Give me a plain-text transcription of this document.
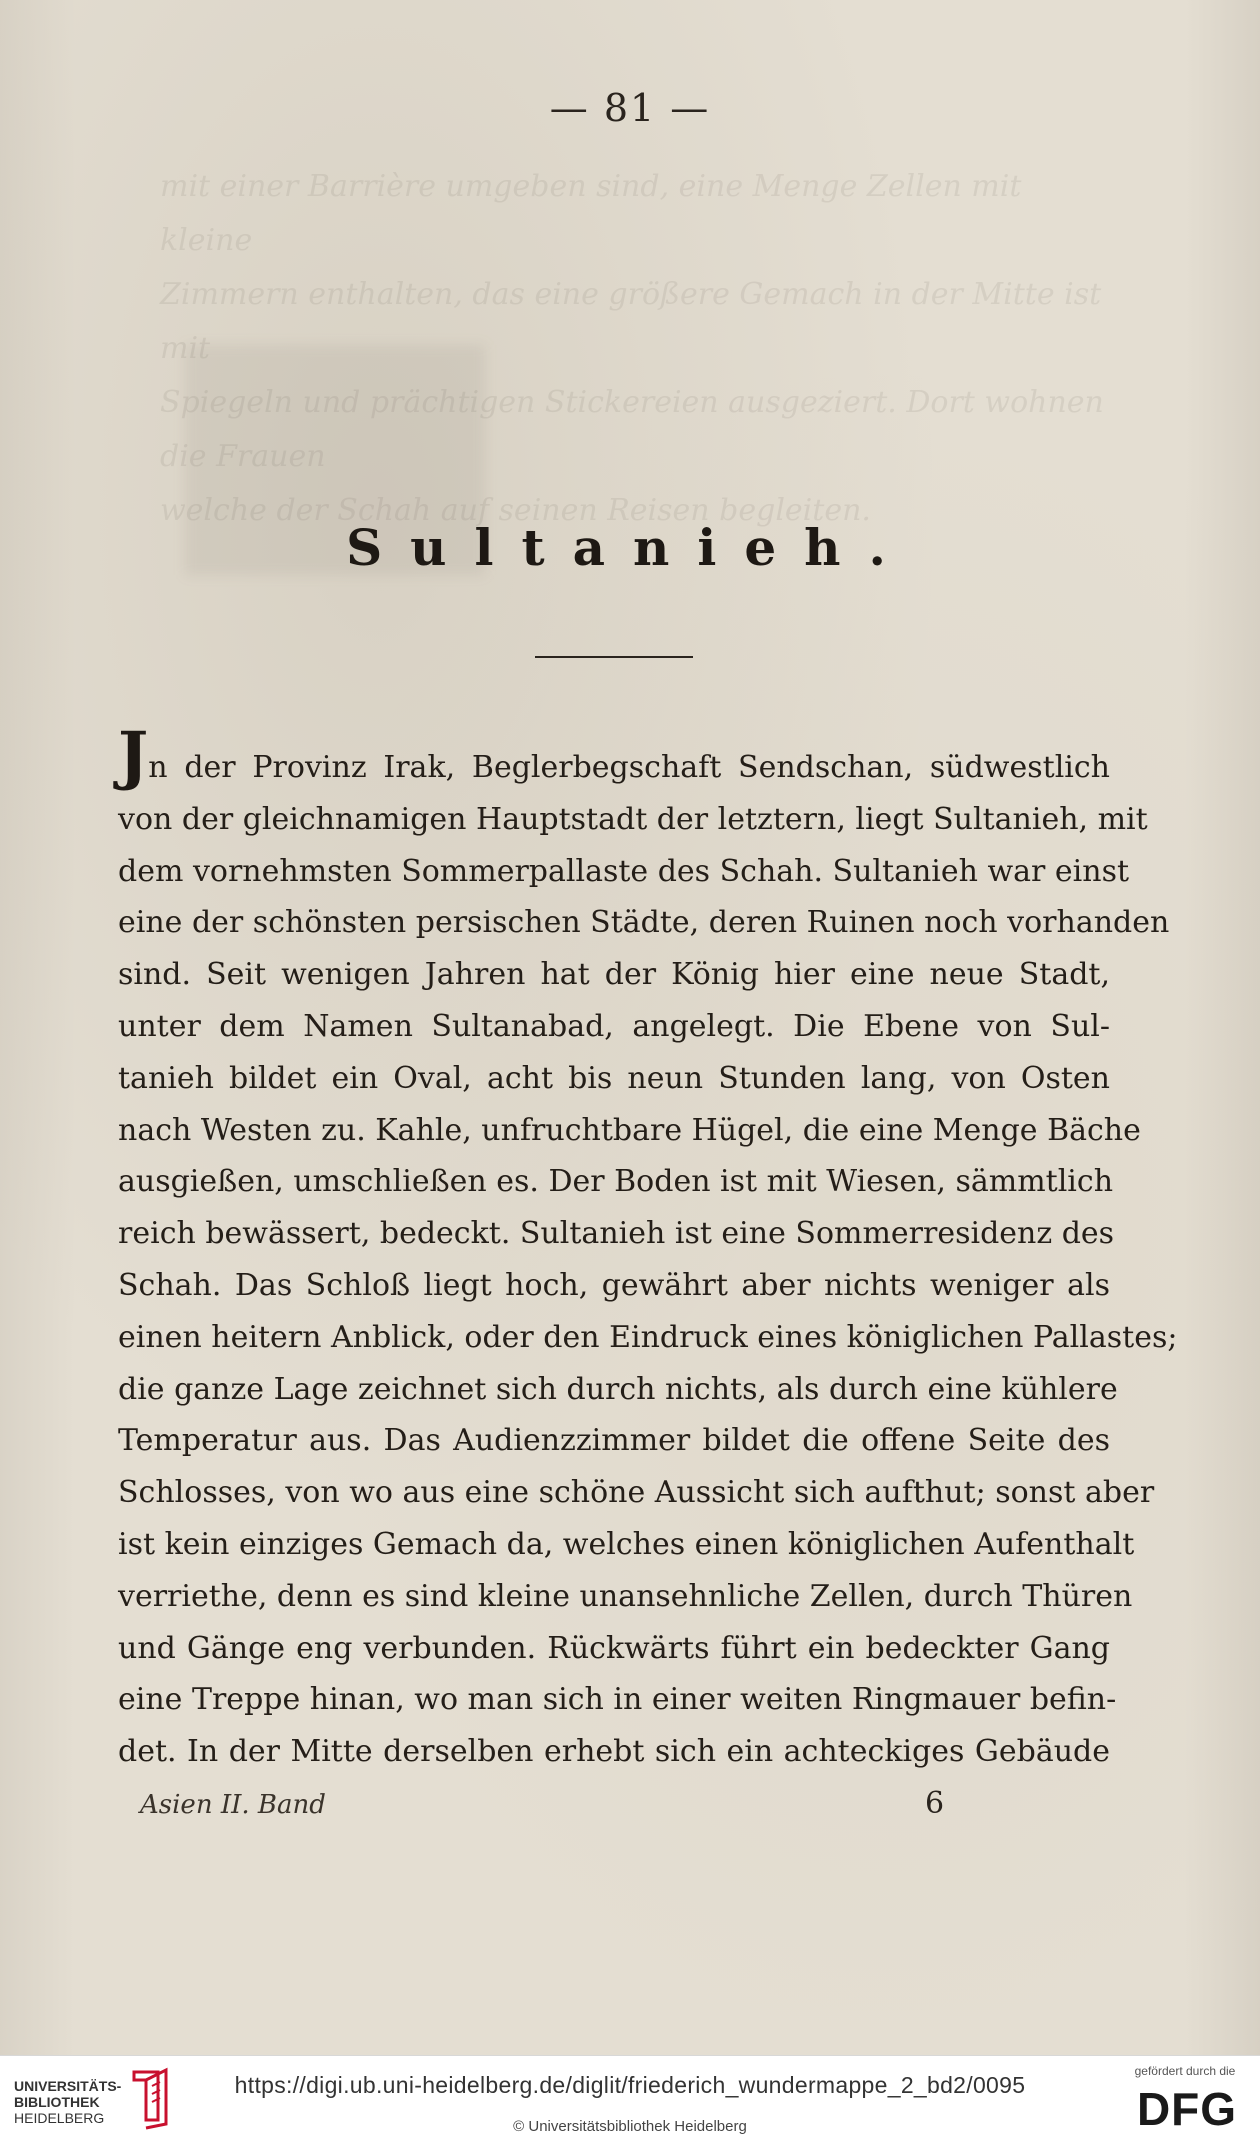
mit einer Barrière umgeben sind, eine Menge Zellen mit kleine
Zimmern enthalten, das eine größere Gemach in der Mitte ist mit
Spiegeln und prächtigen Stickereien ausgeziert. Dort wohnen die Frauen
welche der Schah auf seinen Reisen begleiten.
— 81 —
Sultanieh.
Jn der Provinz Irak, Beglerbegschaft Sendschan, südwestlich
von der gleichnamigen Hauptstadt der letztern, liegt Sultanieh, mit
dem vornehmsten Sommerpallaste des Schah. Sultanieh war einst
eine der schönsten persischen Städte, deren Ruinen noch vorhanden
sind. Seit wenigen Jahren hat der König hier eine neue Stadt,
unter dem Namen Sultanabad, angelegt. Die Ebene von Sul-
tanieh bildet ein Oval, acht bis neun Stunden lang, von Osten
nach Westen zu. Kahle, unfruchtbare Hügel, die eine Menge Bäche
ausgießen, umschließen es. Der Boden ist mit Wiesen, sämmtlich
reich bewässert, bedeckt. Sultanieh ist eine Sommerresidenz des
Schah. Das Schloß liegt hoch, gewährt aber nichts weniger als
einen heitern Anblick, oder den Eindruck eines königlichen Pallastes;
die ganze Lage zeichnet sich durch nichts, als durch eine kühlere
Temperatur aus. Das Audienzzimmer bildet die offene Seite des
Schlosses, von wo aus eine schöne Aussicht sich aufthut; sonst aber
ist kein einziges Gemach da, welches einen königlichen Aufenthalt
verriethe, denn es sind kleine unansehnliche Zellen, durch Thüren
und Gänge eng verbunden. Rückwärts führt ein bedeckter Gang
eine Treppe hinan, wo man sich in einer weiten Ringmauer befin-
det. In der Mitte derselben erhebt sich ein achteckiges Gebäude
Asien II. Band	6
UNIVERSITÄTS-
BIBLIOTHEK
HEIDELBERG
https://digi.ub.uni-heidelberg.de/diglit/friederich_wundermappe_2_bd2/0095
© Universitätsbibliothek Heidelberg
gefördert durch die
DFG
